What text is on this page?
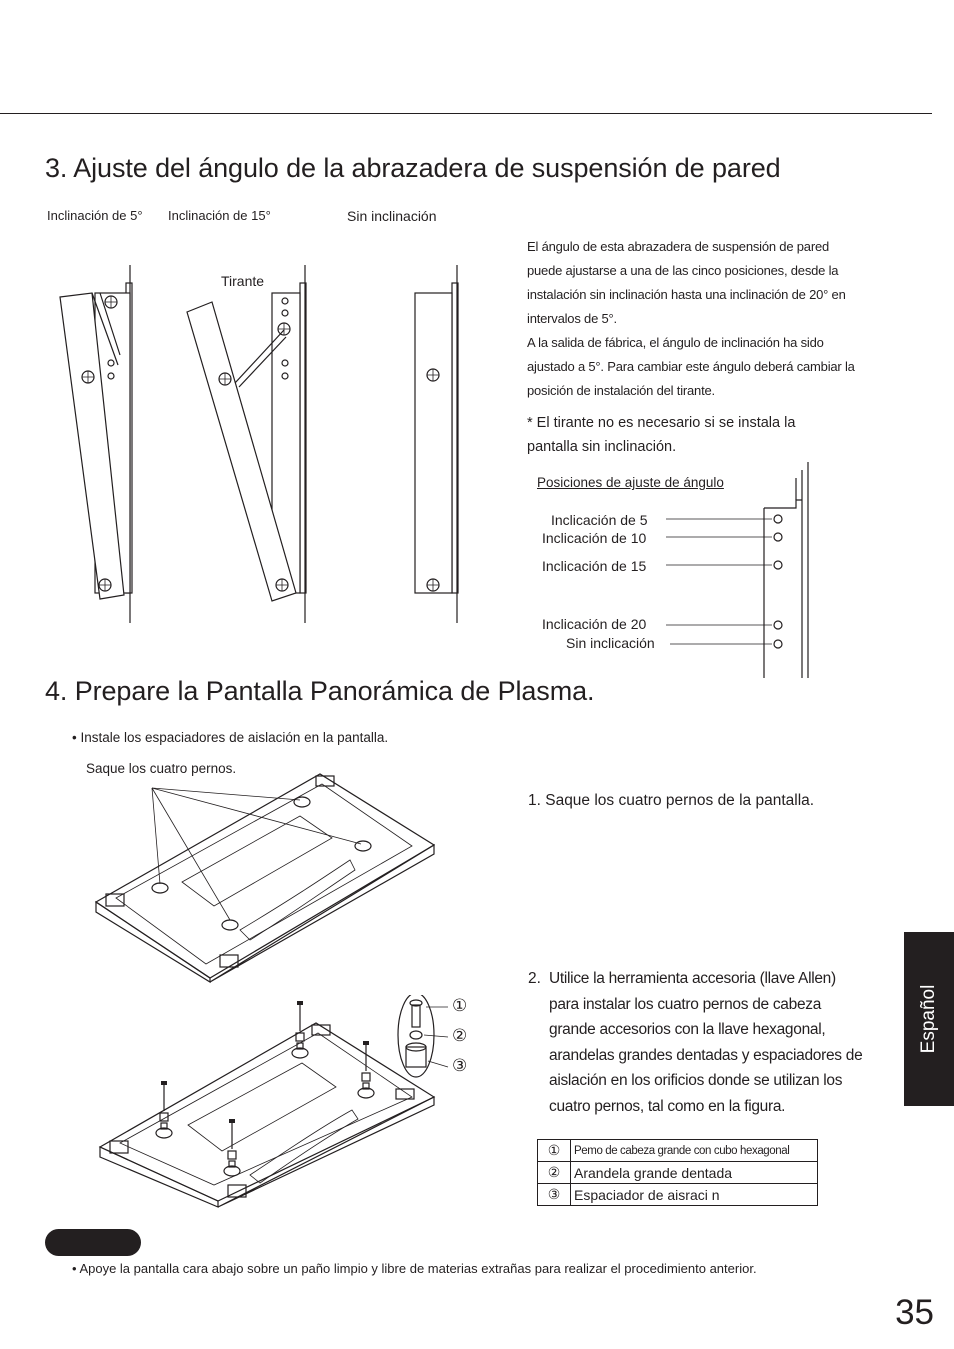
3. Ajuste del ángulo de la abrazadera de suspensión de pared
Inclinación de 5° Inclinación de 15°	Sin inclinación
Tirante
El ángulo de esta abrazadera de suspensión de pared puede ajustarse a una de las cinco posiciones, desde la instalación sin inclinación hasta una inclinación de 20° en intervalos de 5°.
A la salida de fábrica, el ángulo de inclinación ha sido ajustado a 5°. Para cambiar este ángulo deberá cambiar la posición de instalación del tirante.
* El tirante no es necesario si se instala la pantalla sin inclinación.
Posiciones de ajuste de ángulo
Inclicación de 5
Inclicación de 10
Inclicación de 15
Inclicación de 20
Sin inclicación
4. Prepare la Pantalla Panorámica de Plasma.
• Instale los espaciadores de aislación en la pantalla.
Saque los cuatro pernos.
1. Saque los cuatro pernos de la pantalla.
2. Utilice la herramienta accesoria (llave Allen) para instalar los cuatro pernos de cabeza grande accesorios con la llave hexagonal, arandelas grandes dentadas y espaciadores de aislación en los orificios donde se utilizan los cuatro pernos, tal como en la figura.
①
②
③
①	Pemo de cabeza grande con cubo hexagonal
②	Arandela grande dentada
③	Espaciador de aisraci n
Español
• Apoye la pantalla cara abajo sobre un paño limpio y libre de materias extrañas para realizar el procedimiento anterior.
35
